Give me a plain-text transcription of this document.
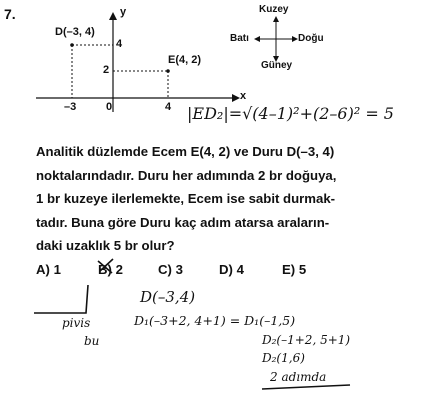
7.	y
x
D(–3, 4)
E(4, 2)
4
2
–3	0	4
Kuzey
Güney
Batı	Doğu
|ED₂|=√(4–1)²+(2–6)² = 5
Analitik düzlemde Ecem E(4, 2) ve Duru D(–3, 4)
noktalarındadır. Duru her adımında 2 br doğuya,
1 br kuzeye ilerlemekte, Ecem ise sabit durmak-
tadır. Buna göre Duru kaç adım atarsa araların-
daki uzaklık 5 br olur?
A) 1	B) 2	C) 3	D) 4	E) 5
D(–3,4)
D₁(–3+2, 4+1) = D₁(–1,5)
D₂(–1+2, 5+1)
D₂(1,6)
2 adımda
pivis
bu
